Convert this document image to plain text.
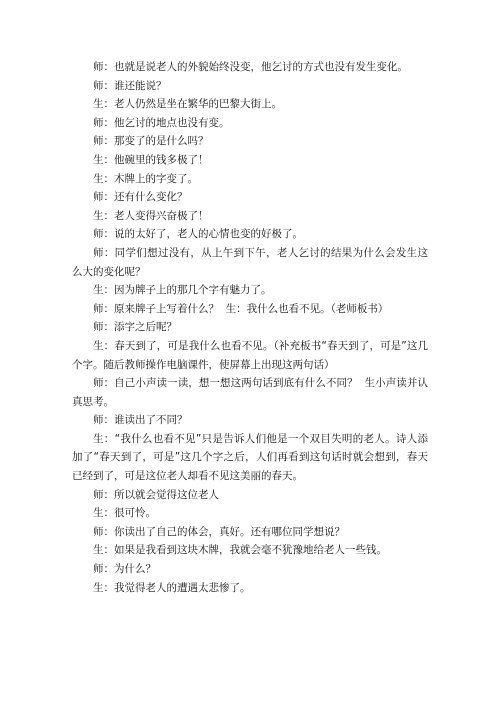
师：也就是说老人的外貌始终没变，他乞讨的方式也没有发生变化。

师：谁还能说？

生：老人仍然是坐在繁华的巴黎大街上。

师：他乞讨的地点也没有变。

师：那变了的是什么吗？

生：他碗里的钱多极了！

生：木牌上的字变了。

师：还有什么变化？

生：老人变得兴奋极了！

师：说的太好了，老人的心情也变的好极了。

师：同学们想过没有，从上午到下午，老人乞讨的结果为什么会发生这么大的变化呢？

生：因为牌子上的那几个字有魅力了。

师：原来牌子上写着什么？  生：我什么也看不见。（老师板书）

师：添字之后呢？

生：春天到了，可是我什么也看不见。（补充板书“春天到了，可是”这几个字。随后教师操作电脑课件，使屏幕上出现这两句话）

师：自己小声读一读，想一想这两句话到底有什么不同？  生小声读并认真思考。

师：谁读出了不同？

生：“我什么也看不见”只是告诉人们他是一个双目失明的老人。诗人添加了“春天到了，可是”这几个字之后，人们再看到这句话时就会想到，春天已经到了，可是这位老人却看不见这美丽的春天。

师：所以就会觉得这位老人

生：很可怜。

师：你读出了自己的体会，真好。还有哪位同学想说？

生：如果是我看到这块木牌，我就会毫不犹豫地给老人一些钱。

师：为什么？

生：我觉得老人的遭遇太悲惨了。
